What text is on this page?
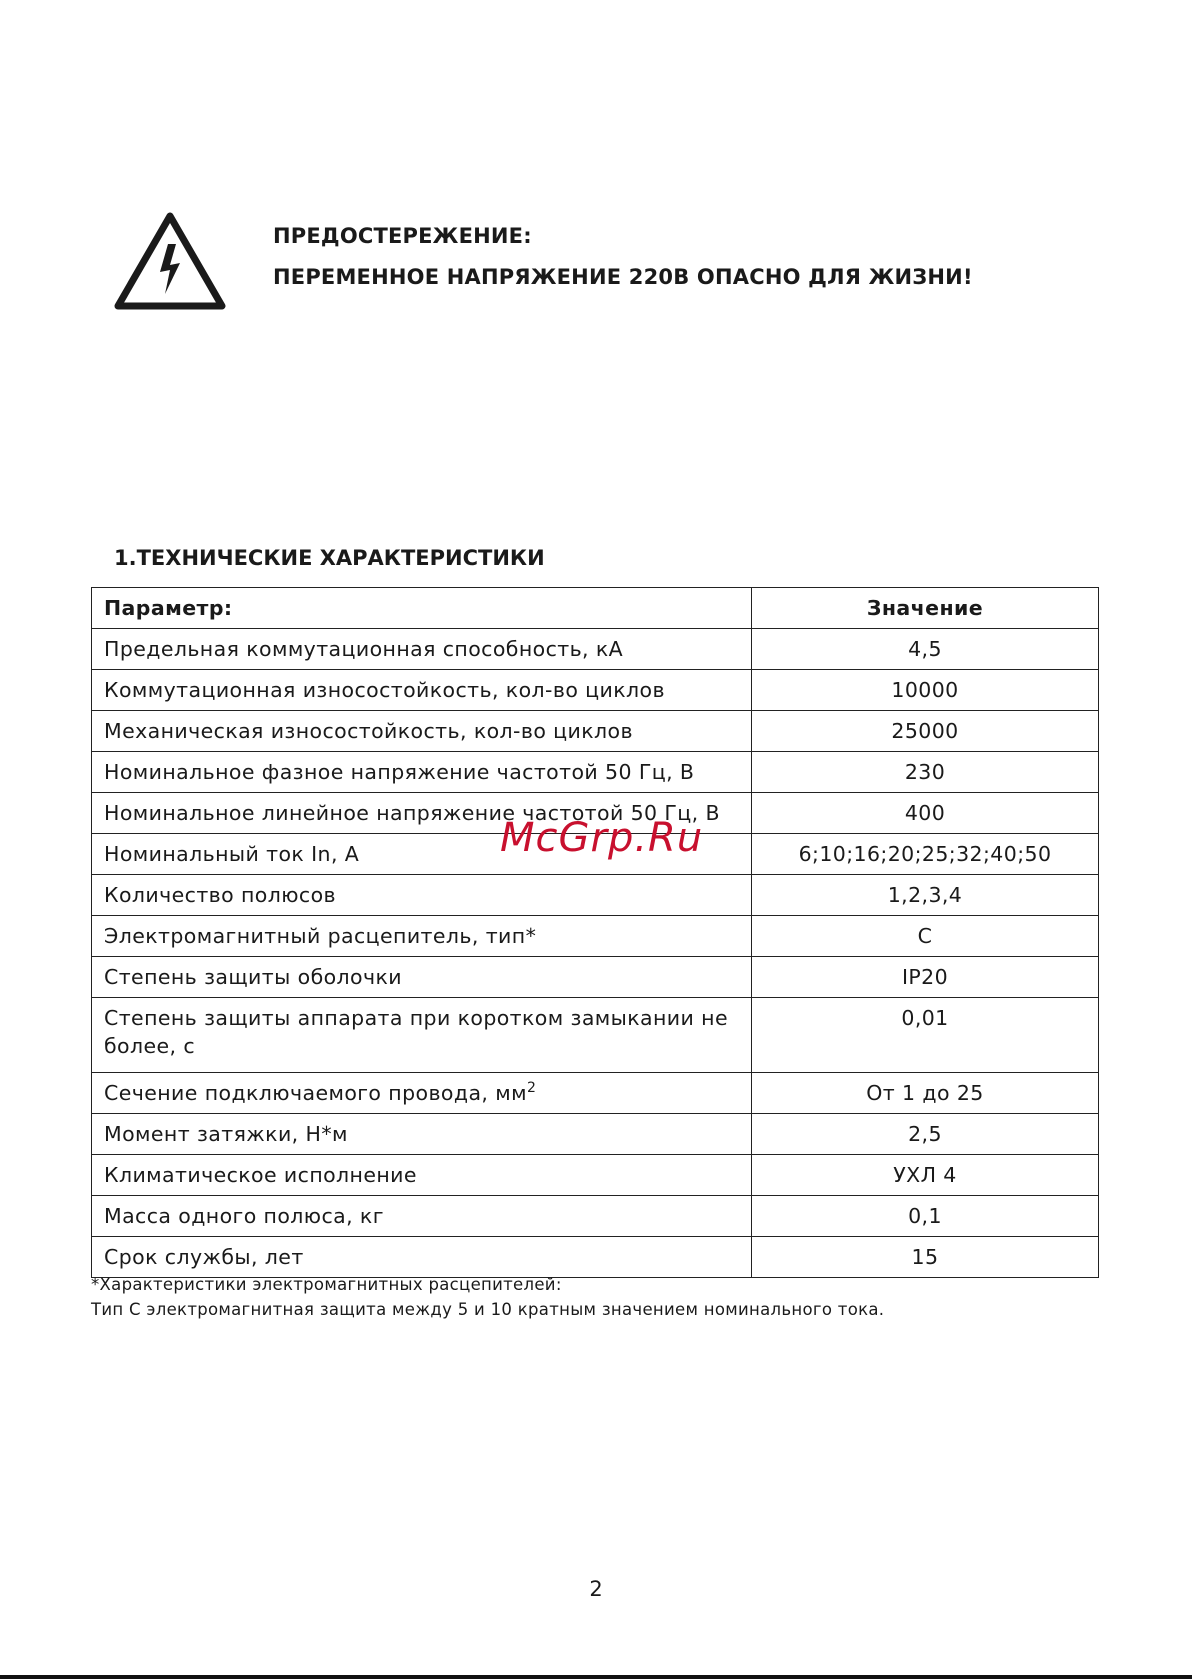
ПРЕДОСТЕРЕЖЕНИЕ:
ПЕРЕМЕННОЕ НАПРЯЖЕНИЕ 220В ОПАСНО ДЛЯ ЖИЗНИ!
1.ТЕХНИЧЕСКИЕ ХАРАКТЕРИСТИКИ
Параметр:	Значение
Предельная коммутационная способность, кА	4,5
Коммутационная износостойкость, кол-во циклов	10000
Механическая износостойкость, кол-во циклов	25000
Номинальное фазное напряжение частотой 50 Гц, В	230
Номинальное линейное напряжение частотой 50 Гц, В	400
Номинальный ток In, А	6;10;16;20;25;32;40;50
Количество полюсов	1,2,3,4
Электромагнитный расцепитель, тип*	С
Степень защиты оболочки	IP20
Степень защиты аппарата при коротком замыкании не более, с	0,01
Сечение подключаемого провода, $мм^2$	От 1 до 25
Момент затяжки, Н*м	2,5
Климатическое исполнение	УХЛ 4
Масса одного полюса, кг	0,1
Срок службы, лет	15
*Характеристики электромагнитных расцепителей:
Тип С электромагнитная защита между 5 и 10 кратным значением номинального тока.
McGrp.Ru
2
